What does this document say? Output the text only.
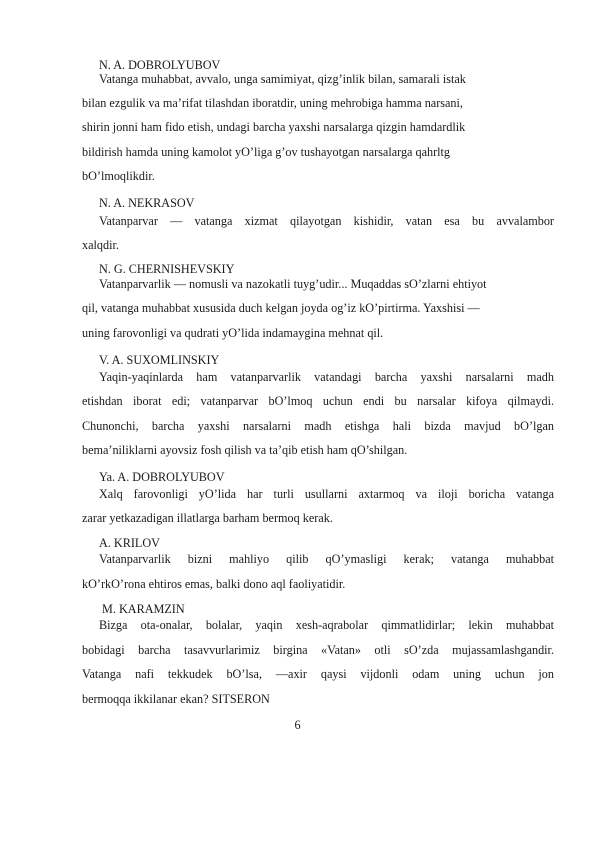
N. A. DOBROLYUBOV
Vatanga muhabbat, avvalo, unga samimiyat, qizg’inlik bilan, samarali istak
bilan ezgulik va ma’rifat tilashdan iboratdir, uning mehrobiga hamma narsani,
shirin jonni ham fido etish, undagi barcha yaxshi narsalarga qizgin hamdardlik
bildirish hamda uning kamolot yO’liga g’ov tushayotgan narsalarga qahrltg
bO’lmoqlikdir.
N. A. NEKRASOV
Vatanparvar — vatanga xizmat qilayotgan kishidir, vatan esa bu avvalambor
xalqdir.
N. G. CHERNISHEVSKIY
Vatanparvarlik — nomusli va nazokatli tuyg’udir... Muqaddas sO’zlarni ehtiyot
qil, vatanga muhabbat xususida duch kelgan joyda og’iz kO’pirtirma. Yaxshisi —
uning farovonligi va qudrati yO’lida indamaygina mehnat qil.
V. A. SUXOMLINSKIY
Yaqin-yaqinlarda ham vatanparvarlik vatandagi barcha yaxshi narsalarni madh
etishdan iborat edi; vatanparvar bO’lmoq uchun endi bu narsalar kifoya qilmaydi.
Chunonchi, barcha yaxshi narsalarni madh etishga hali bizda mavjud bO’lgan
bema’niliklarni ayovsiz fosh qilish va ta’qib etish ham qO’shilgan.
Ya. A. DOBROLYUBOV
Xalq farovonligi yO’lida har turli usullarni axtarmoq va iloji boricha vatanga
zarar yetkazadigan illatlarga barham bermoq kerak.
A. KRILOV
Vatanparvarlik bizni mahliyo qilib qO’ymasligi kerak; vatanga muhabbat
kO’rkO’rona ehtiros emas, balki dono aql faoliyatidir.
M. KARAMZIN
Bizga ota-onalar, bolalar, yaqin xesh-aqrabolar qimmatlidirlar; lekin muhabbat
bobidagi barcha tasavvurlarimiz birgina «Vatan» otli sO’zda mujassamlashgandir.
Vatanga nafi tekkudek bO’lsa, —axir qaysi vijdonli odam uning uchun jon
bermoqqa ikkilanar ekan? SITSERON
6
